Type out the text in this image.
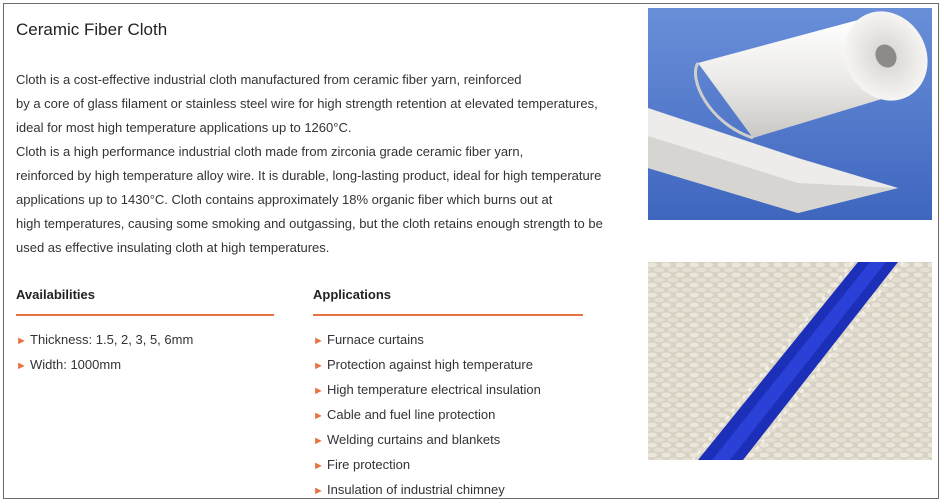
Ceramic Fiber Cloth
Cloth is a cost-effective industrial cloth manufactured from ceramic fiber yarn, reinforced
by a core of glass filament or stainless steel wire for high strength retention at elevated temperatures,
ideal for most high temperature applications up to 1260°C.
Cloth is a high performance industrial cloth made from zirconia grade ceramic fiber yarn,
reinforced by high temperature alloy wire. It is durable, long-lasting product, ideal for high temperature
applications up to 1430°C. Cloth contains approximately 18% organic fiber which burns out at
high temperatures, causing some smoking and outgassing, but the cloth retains enough strength to be
used as effective insulating cloth at high temperatures.
Availabilities
► Thickness: 1.5, 2, 3, 5, 6mm
► Width: 1000mm
Applications
► Furnace curtains
► Protection against high temperature
► High temperature electrical insulation
► Cable and fuel line protection
► Welding curtains and blankets
► Fire protection
► Insulation of industrial chimney
